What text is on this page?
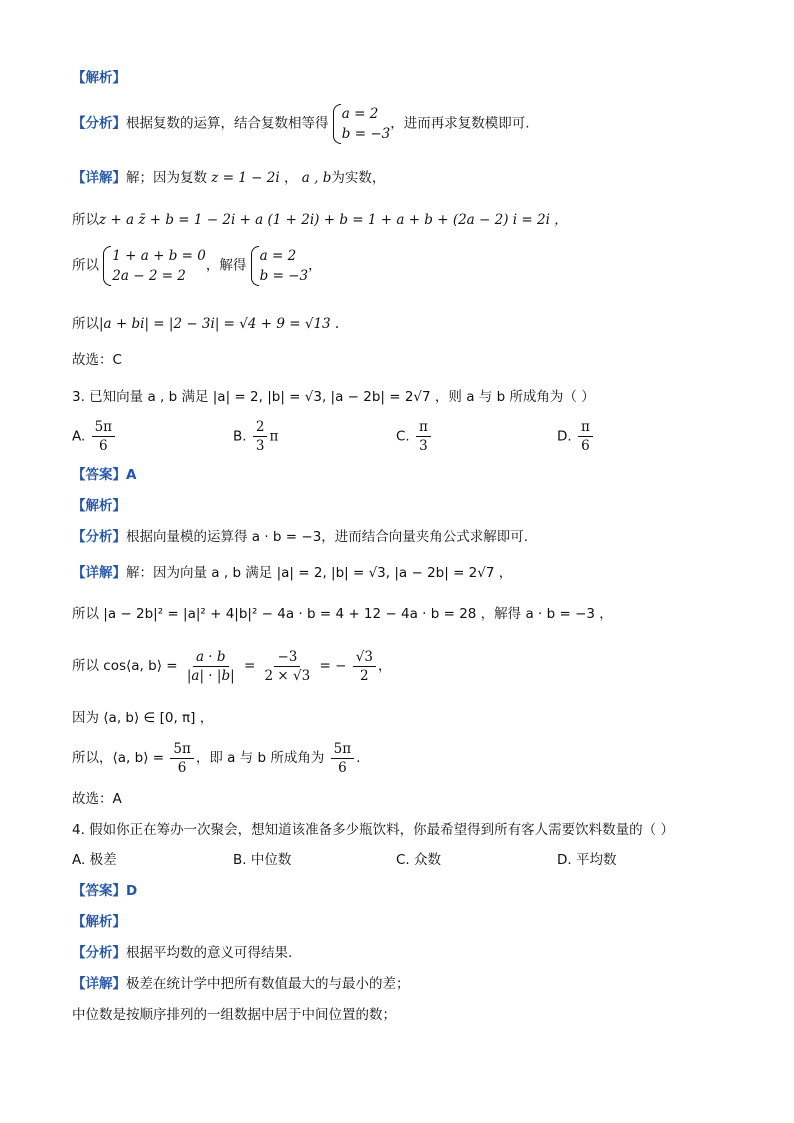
【解析】
【分析】根据复数的运算，结合复数相等得
a = 2
b = −3
，进而再求复数模即可.
【详解】解；因为复数 z = 1 − 2i ， a , b为实数，
所以z + a z̄ + b = 1 − 2i + a (1 + 2i) + b = 1 + a + b + (2a − 2) i = 2i ，
所以
1 + a + b = 0
2a − 2 = 2
，解得
a = 2
b = −3
，
所以|a + bi| = |2 − 3i| = √4 + 9 = √13 .
故选：C
3. 已知向量 a , b 满足 |a| = 2, |b| = √3, |a − 2b| = 2√7 ，则 a 与 b 所成角为（ ）
A. $\frac{5\pi}{6}$	B. $\frac{2}{3}$ π	C. $\frac{\pi}{3}$	D. $\frac{\pi}{6}$
【答案】A
【解析】
【分析】根据向量模的运算得 a · b = −3，进而结合向量夹角公式求解即可.
【详解】解：因为向量 a , b 满足 |a| = 2, |b| = √3, |a − 2b| = 2√7 ，
所以 |a − 2b|² = |a|² + 4|b|² − 4a · b = 4 + 12 − 4a · b = 28 ，解得 a · b = −3 ，
所以 cos⟨a, b⟩ = $\frac{a \cdot b}{|a| \cdot |b|} = \frac{-3}{2 \times √3}$ = − $\frac{√3}{2}$ ，
因为 ⟨a, b⟩ ∈ [0, π] ，
所以，⟨a, b⟩ = $\frac{5\pi}{6}$ ，即 a 与 b 所成角为 $\frac{5\pi}{6}$ .
故选：A
4. 假如你正在筹办一次聚会，想知道该准备多少瓶饮料，你最希望得到所有客人需要饮料数量的（ ）
A. 极差	B. 中位数	C. 众数	D. 平均数
【答案】D
【解析】
【分析】根据平均数的意义可得结果.
【详解】极差在统计学中把所有数值最大的与最小的差；
中位数是按顺序排列的一组数据中居于中间位置的数；
